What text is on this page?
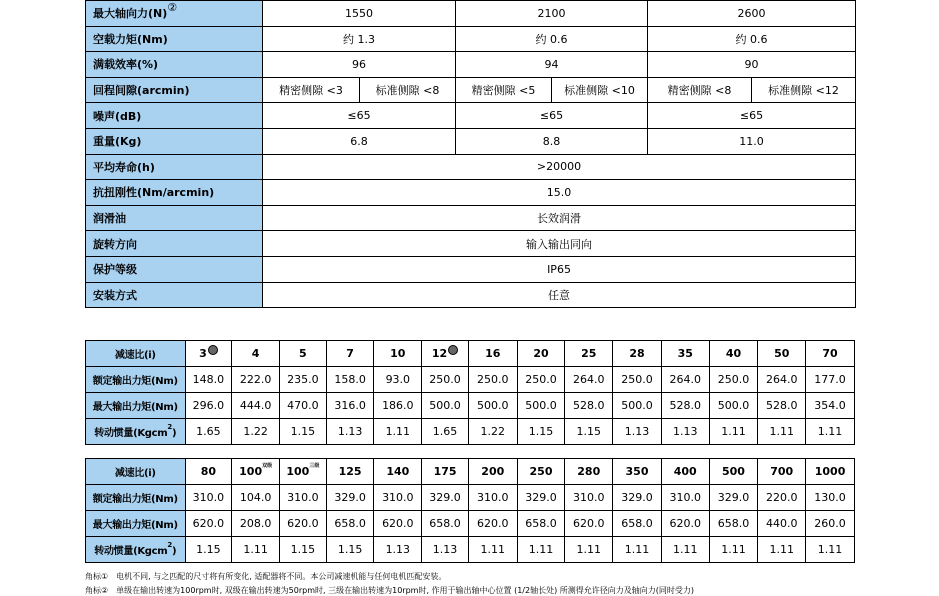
最大轴向力(N)②	1550		2100		2600	
空载力矩(Nm)	约 1.3		约 0.6		约 0.6	
满载效率(%)	96		94		90	
回程间隙(arcmin)	精密侧隙 <3	标准侧隙 <8	精密侧隙 <5	标准侧隙 <10	精密侧隙 <8	标准侧隙 <12
噪声(dB)	≤65		≤65		≤65	
重量(Kg)	6.8		8.8		11.0	
平均寿命(h)	>20000					
抗扭刚性(Nm/arcmin)	15.0					
润滑油	长效润滑					
旋转方向	输入输出同向					
保护等级	IP65					
安装方式	任意					
减速比(i)	3	4	5	7	10	12	16	20	25	28	35	40	50	70
额定输出力矩(Nm)	148.0	222.0	235.0	158.0	93.0	250.0	250.0	250.0	264.0	250.0	264.0	250.0	264.0	177.0
最大输出力矩(Nm)	296.0	444.0	470.0	316.0	186.0	500.0	500.0	500.0	528.0	500.0	528.0	500.0	528.0	354.0
转动惯量(Kgcm$^2$)	1.65	1.22	1.15	1.13	1.11	1.65	1.22	1.15	1.15	1.13	1.13	1.11	1.11	1.11
减速比(i)	80	$100^{双级}$	$100^{三级}$	125	140	175	200	250	280	350	400	500	700	1000
额定输出力矩(Nm)	310.0	104.0	310.0	329.0	310.0	329.0	310.0	329.0	310.0	329.0	310.0	329.0	220.0	130.0
最大输出力矩(Nm)	620.0	208.0	620.0	658.0	620.0	658.0	620.0	658.0	620.0	658.0	620.0	658.0	440.0	260.0
转动惯量(Kgcm$^2$)	1.15	1.11	1.15	1.15	1.13	1.13	1.11	1.11	1.11	1.11	1.11	1.11	1.11	1.11
角标① 电机不同, 与之匹配的尺寸将有所变化, 适配器将不同。本公司减速机能与任何电机匹配安装。
角标② 单级在输出转速为100rpm时, 双级在输出转速为50rpm时, 三级在输出转速为10rpm时, 作用于输出轴中心位置 (1/2轴长处) 所测得允许径向力及轴向力(同时受力)
